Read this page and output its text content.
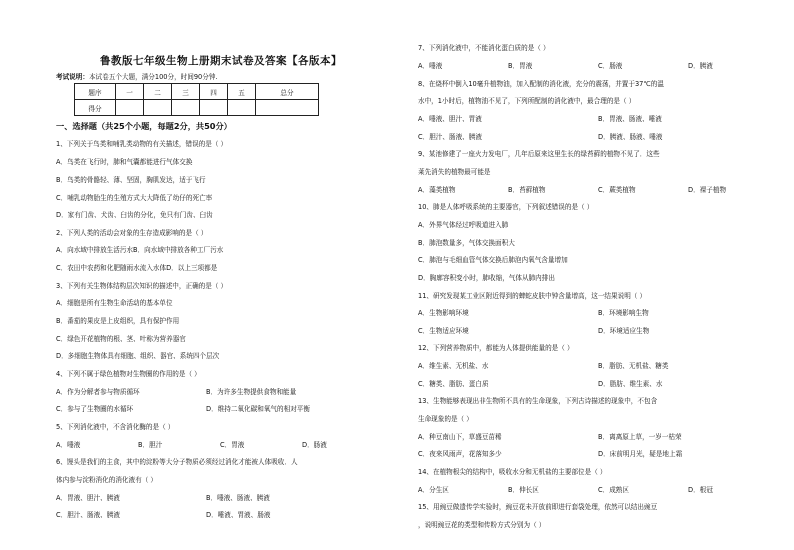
鲁教版七年级生物上册期末试卷及答案【各版本】
考试说明：本试卷五个大题，满分100分，时间90分钟.
题序	一	二	三	四	五	总分
得分						
一、选择题（共25个小题，每题2分，共50分）
1、下列关于鸟类和哺乳类动物的有关描述，错误的是（ ）
A．鸟类在飞行时，肺和气囊都能进行气体交换
B．鸟类的骨骼轻、薄、坚固，胸肌发达，适于飞行
C．哺乳动物胎生的生殖方式大大降低了幼仔的死亡率
D．家有门齿、犬齿、臼齿的分化，免只有门齿、臼齿
2、下列人类的活动会对象的生存造成影响的是（ ）
A．向水域中排放生活污水B．向水域中排放各种工厂污水
C．农田中农药和化肥随雨水流入水体D．以上三项都是
3、下列有关生物体结构层次知识的描述中，正确的是（ ）
A．细胞是所有生物生命活动的基本单位
B．番茄的果皮是上皮组织，具有保护作用
C．绿色开花植物的根、茎、叶称为营养器官
D．多细胞生物体具有细胞、组织、器官、系统四个层次
4、下列不属于绿色植物对生物圈的作用的是（ ）
A．作为分解者参与物质循环	B．为许多生物提供食物和能量
C．参与了生物圈的水循环	D．维持二氧化碳和氧气的相对平衡
5、下列消化液中，不含消化酶的是（ ）
A．唾液	B．胆汁	C．胃液	D．肠液
6、馒头是我们的主食，其中的淀粉等大分子物质必须经过消化才能被人体吸收．人
体内参与淀粉消化的消化液有（ ）
A．胃液、胆汁、胰液	B．唾液、肠液、胰液
C．胆汁、肠液、胰液	D．唾液、胃液、肠液
7、下列消化液中，不能消化蛋白质的是（ ）
A．唾液	B．胃液	C．肠液	D．胰液
8、在烧杯中倒入10毫升植物油，加入配制的消化液，充分的震荡，并置于37℃的温
水中，1小时后，植物油不见了，下列所配制的消化液中，最合理的是（ ）
A．唾液、胆汁、胃液	B．胃液、肠液、唾液
C．胆汁、肠液、胰液	D．胰液、肠液、唾液
9、某池修建了一座火力发电厂，几年后原来这里生长的绿苔藓的植物不见了．这些
莱先消失的植物最可能是
A．藻类植物	B．苔藓植物	C．蕨类植物	D．裸子植物
10、肺是人体呼吸系统的主要器官，下列叙述错误的是（ ）
A．外界气体经过呼吸道进入肺
B．肺泡数量多，气体交换面积大
C．肺泡与毛细血管气体交换后肺泡内氧气含量增加
D．胸廓容积变小时，肺收缩，气体从肺内排出
11、研究发现某工业区附近得到的蜱蛇皮肤中钟含量增高，这一结果说明（ ）
A．生物影响环境	B．环境影响生物
C．生物适应环境	D．环境适应生物
12、下列营养物质中，都能为人体提供能量的是（ ）
A．维生素、无机盐、水	B．脂肪、无机盐、糖类
C．糖类、脂肪、蛋白质	D．脂肪、维生素、水
13、生物能够表现出非生物所不具有的生命现象，下列古诗描述的现象中，不包含
生命现象的是（ ）
A．种豆南山下，草盛豆苗稀	B．离离原上草，一岁一枯荣
C．夜来风雨声，花落知多少	D．床前明月光，疑是地上霜
14、在植物根尖的结构中，吸收水分和无机盐的主要部位是（ ）
A．分生区	B．伸长区	C．成熟区	D．根冠
15、用豌豆做遗传学实验时，豌豆花未开放前即进行套袋处理，依然可以结出豌豆
，说明豌豆花的类型和传粉方式分别为（ ）
